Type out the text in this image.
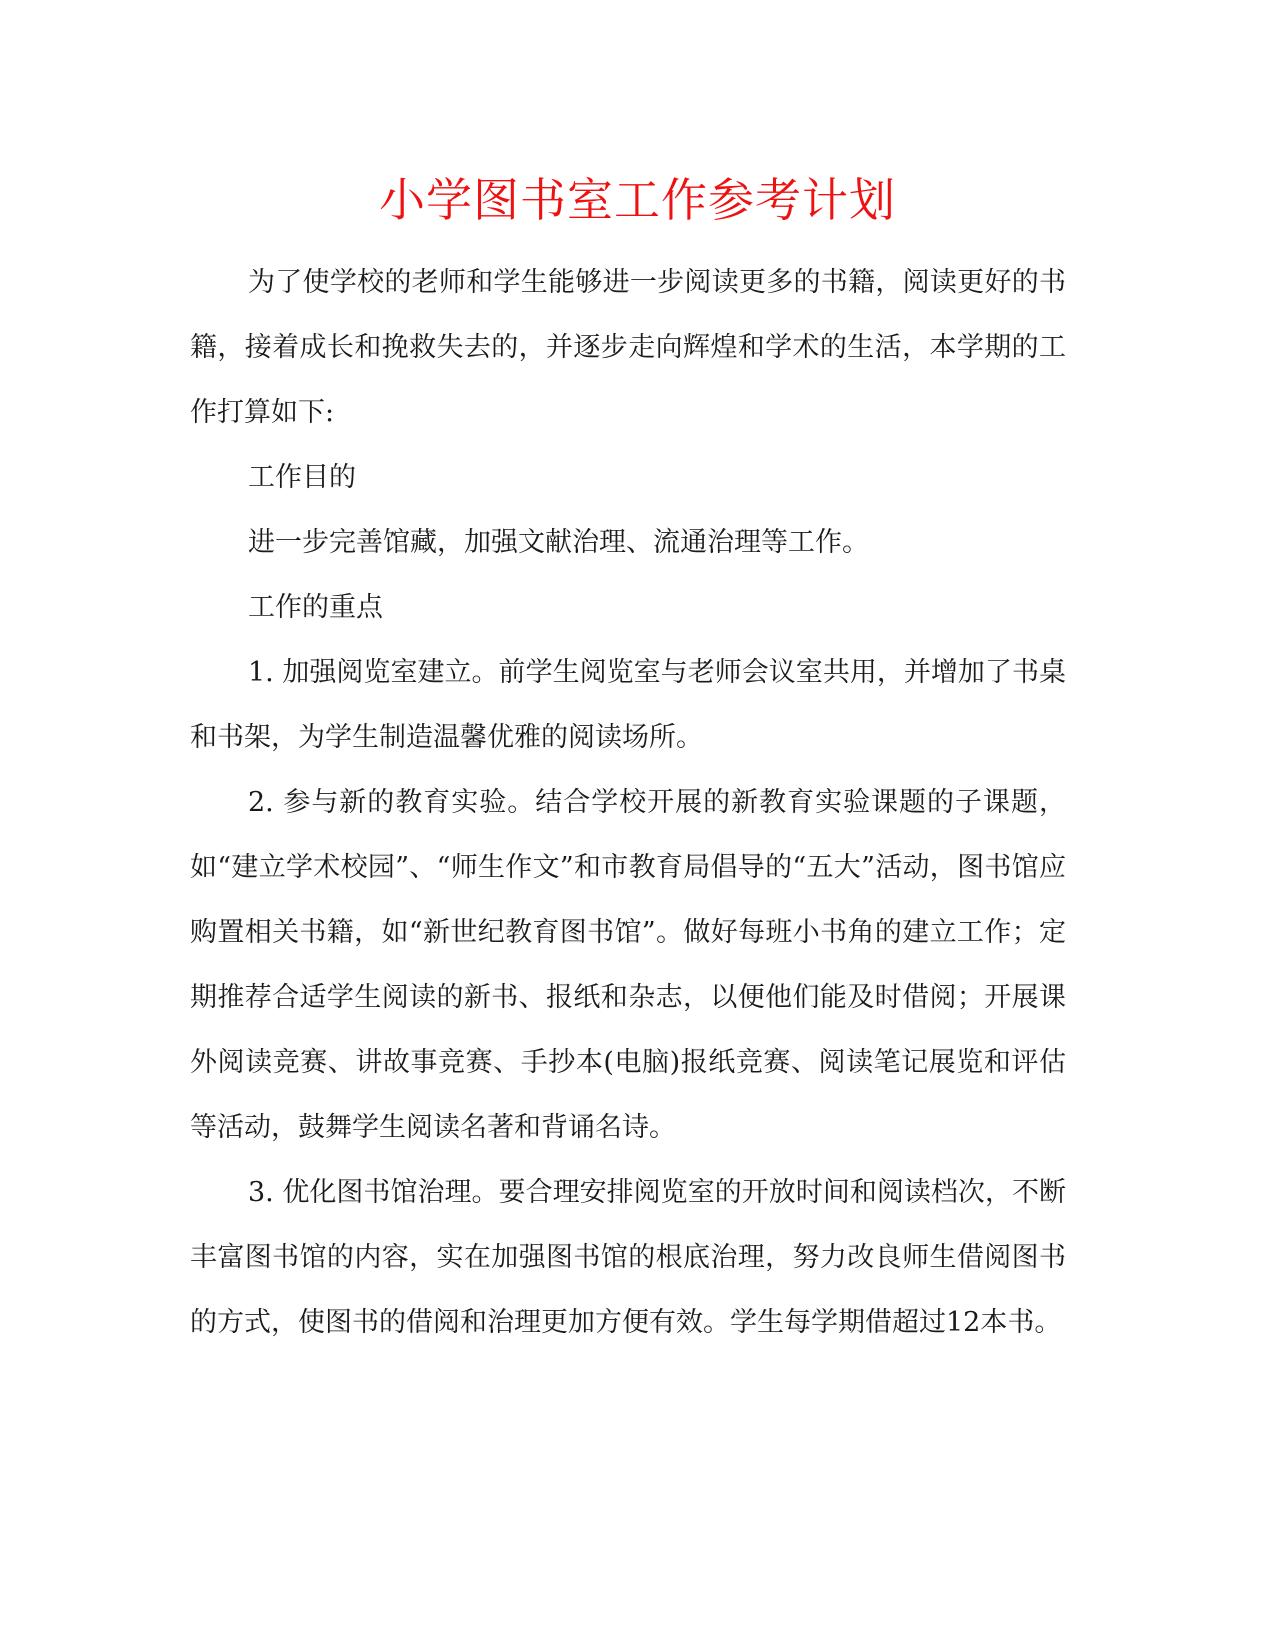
小学图书室工作参考计划

为了使学校的老师和学生能够进一步阅读更多的书籍，阅读更好的书籍，接着成长和挽救失去的，并逐步走向辉煌和学术的生活，本学期的工作打算如下:

工作目的

进一步完善馆藏，加强文献治理、流通治理等工作。

工作的重点

1. 加强阅览室建立。前学生阅览室与老师会议室共用，并增加了书桌和书架，为学生制造温馨优雅的阅读场所。

2. 参与新的教育实验。结合学校开展的新教育实验课题的子课题，如“建立学术校园”、“师生作文”和市教育局倡导的“五大”活动，图书馆应购置相关书籍，如“新世纪教育图书馆”。做好每班小书角的建立工作；定期推荐合适学生阅读的新书、报纸和杂志，以便他们能及时借阅；开展课外阅读竞赛、讲故事竞赛、手抄本(电脑)报纸竞赛、阅读笔记展览和评估等活动，鼓舞学生阅读名著和背诵名诗。

3. 优化图书馆治理。要合理安排阅览室的开放时间和阅读档次，不断丰富图书馆的内容，实在加强图书馆的根底治理，努力改良师生借阅图书的方式，使图书的借阅和治理更加方便有效。学生每学期借超过12本书。
